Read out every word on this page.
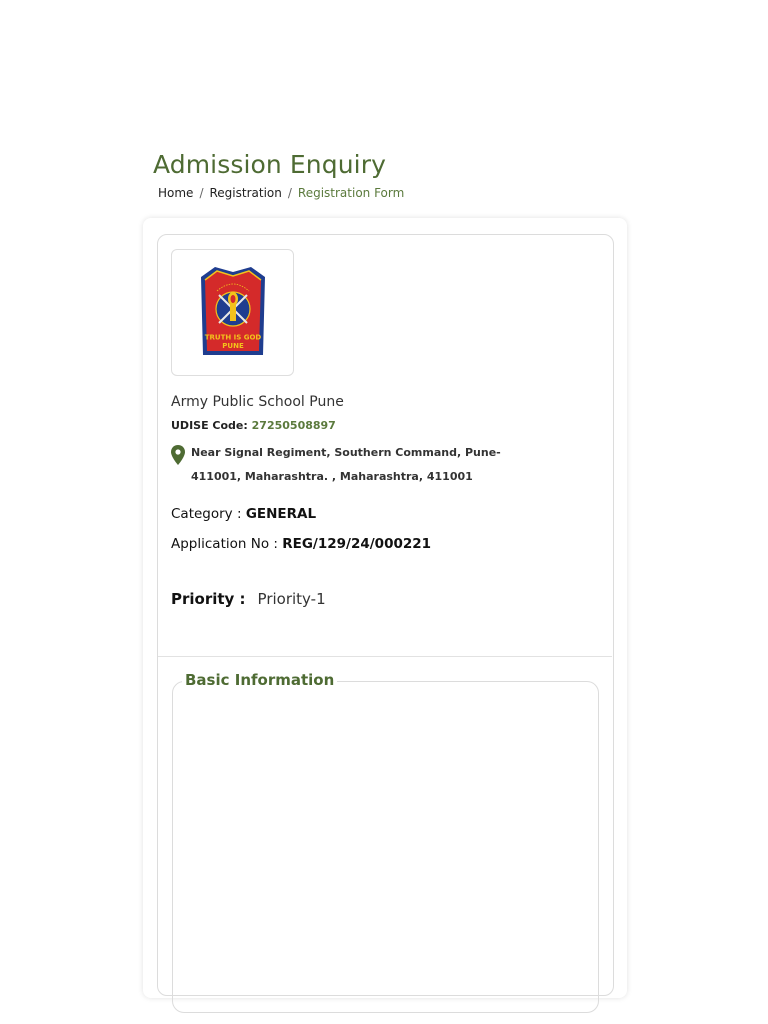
Admission Enquiry
Home / Registration / Registration Form
TRUTH IS GOD
PUNE
Army Public School Pune
UDISE Code: 27250508897
Near Signal Regiment, Southern Command, Pune-411001, Maharashtra. , Maharashtra, 411001
Category : GENERAL
Application No : REG/129/24/000221
Priority : Priority-1
Basic Information
